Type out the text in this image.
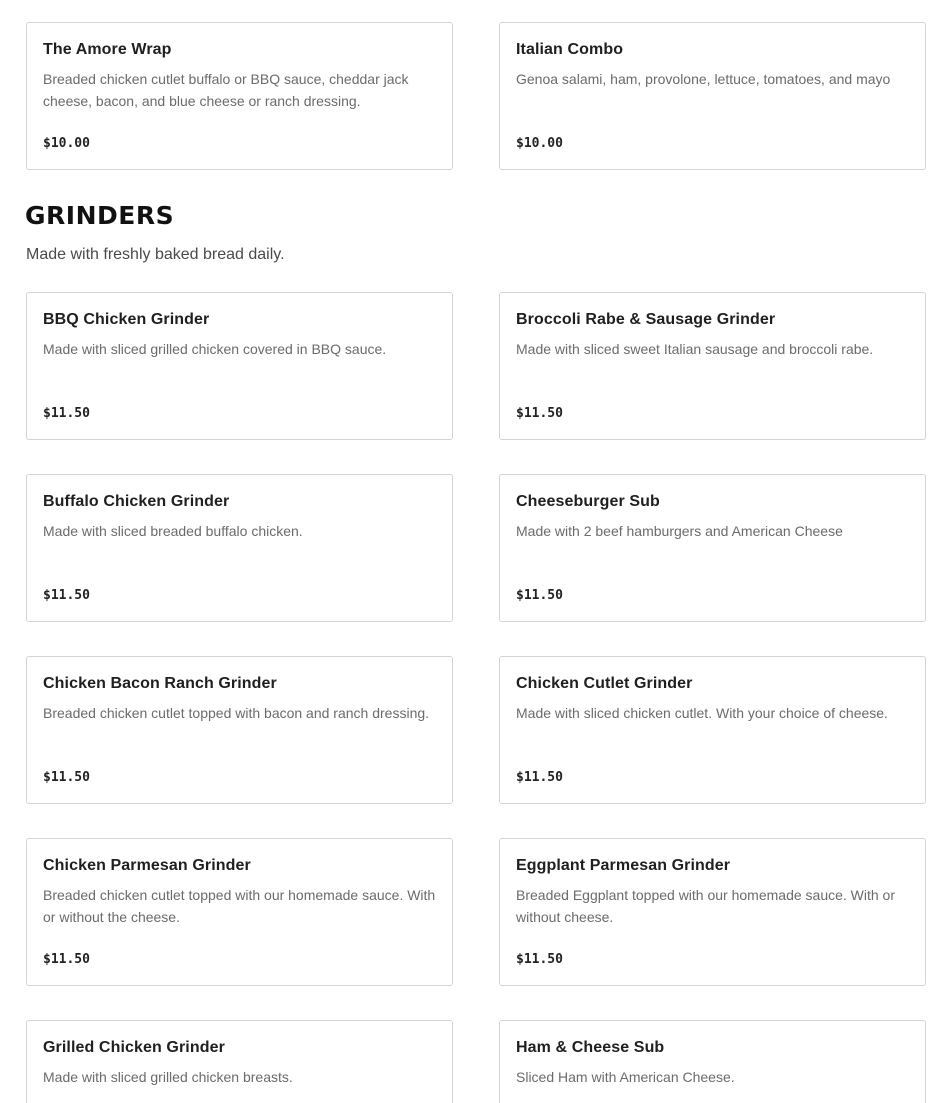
The Amore Wrap
Breaded chicken cutlet buffalo or BBQ sauce, cheddar jack cheese, bacon, and blue cheese or ranch dressing.
$10.00
Italian Combo
Genoa salami, ham, provolone, lettuce, tomatoes, and mayo
$10.00
GRINDERS

Made with freshly baked bread daily.

BBQ Chicken Grinder
Made with sliced grilled chicken covered in BBQ sauce.
$11.50
Broccoli Rabe & Sausage Grinder
Made with sliced sweet Italian sausage and broccoli rabe.
$11.50
Buffalo Chicken Grinder
Made with sliced breaded buffalo chicken.
$11.50
Cheeseburger Sub
Made with 2 beef hamburgers and American Cheese
$11.50
Chicken Bacon Ranch Grinder
Breaded chicken cutlet topped with bacon and ranch dressing.
$11.50
Chicken Cutlet Grinder
Made with sliced chicken cutlet. With your choice of cheese.
$11.50
Chicken Parmesan Grinder
Breaded chicken cutlet topped with our homemade sauce. With or without the cheese.
$11.50
Eggplant Parmesan Grinder
Breaded Eggplant topped with our homemade sauce. With or without cheese.
$11.50
Grilled Chicken Grinder
Made with sliced grilled chicken breasts.
Ham & Cheese Sub
Sliced Ham with American Cheese.
